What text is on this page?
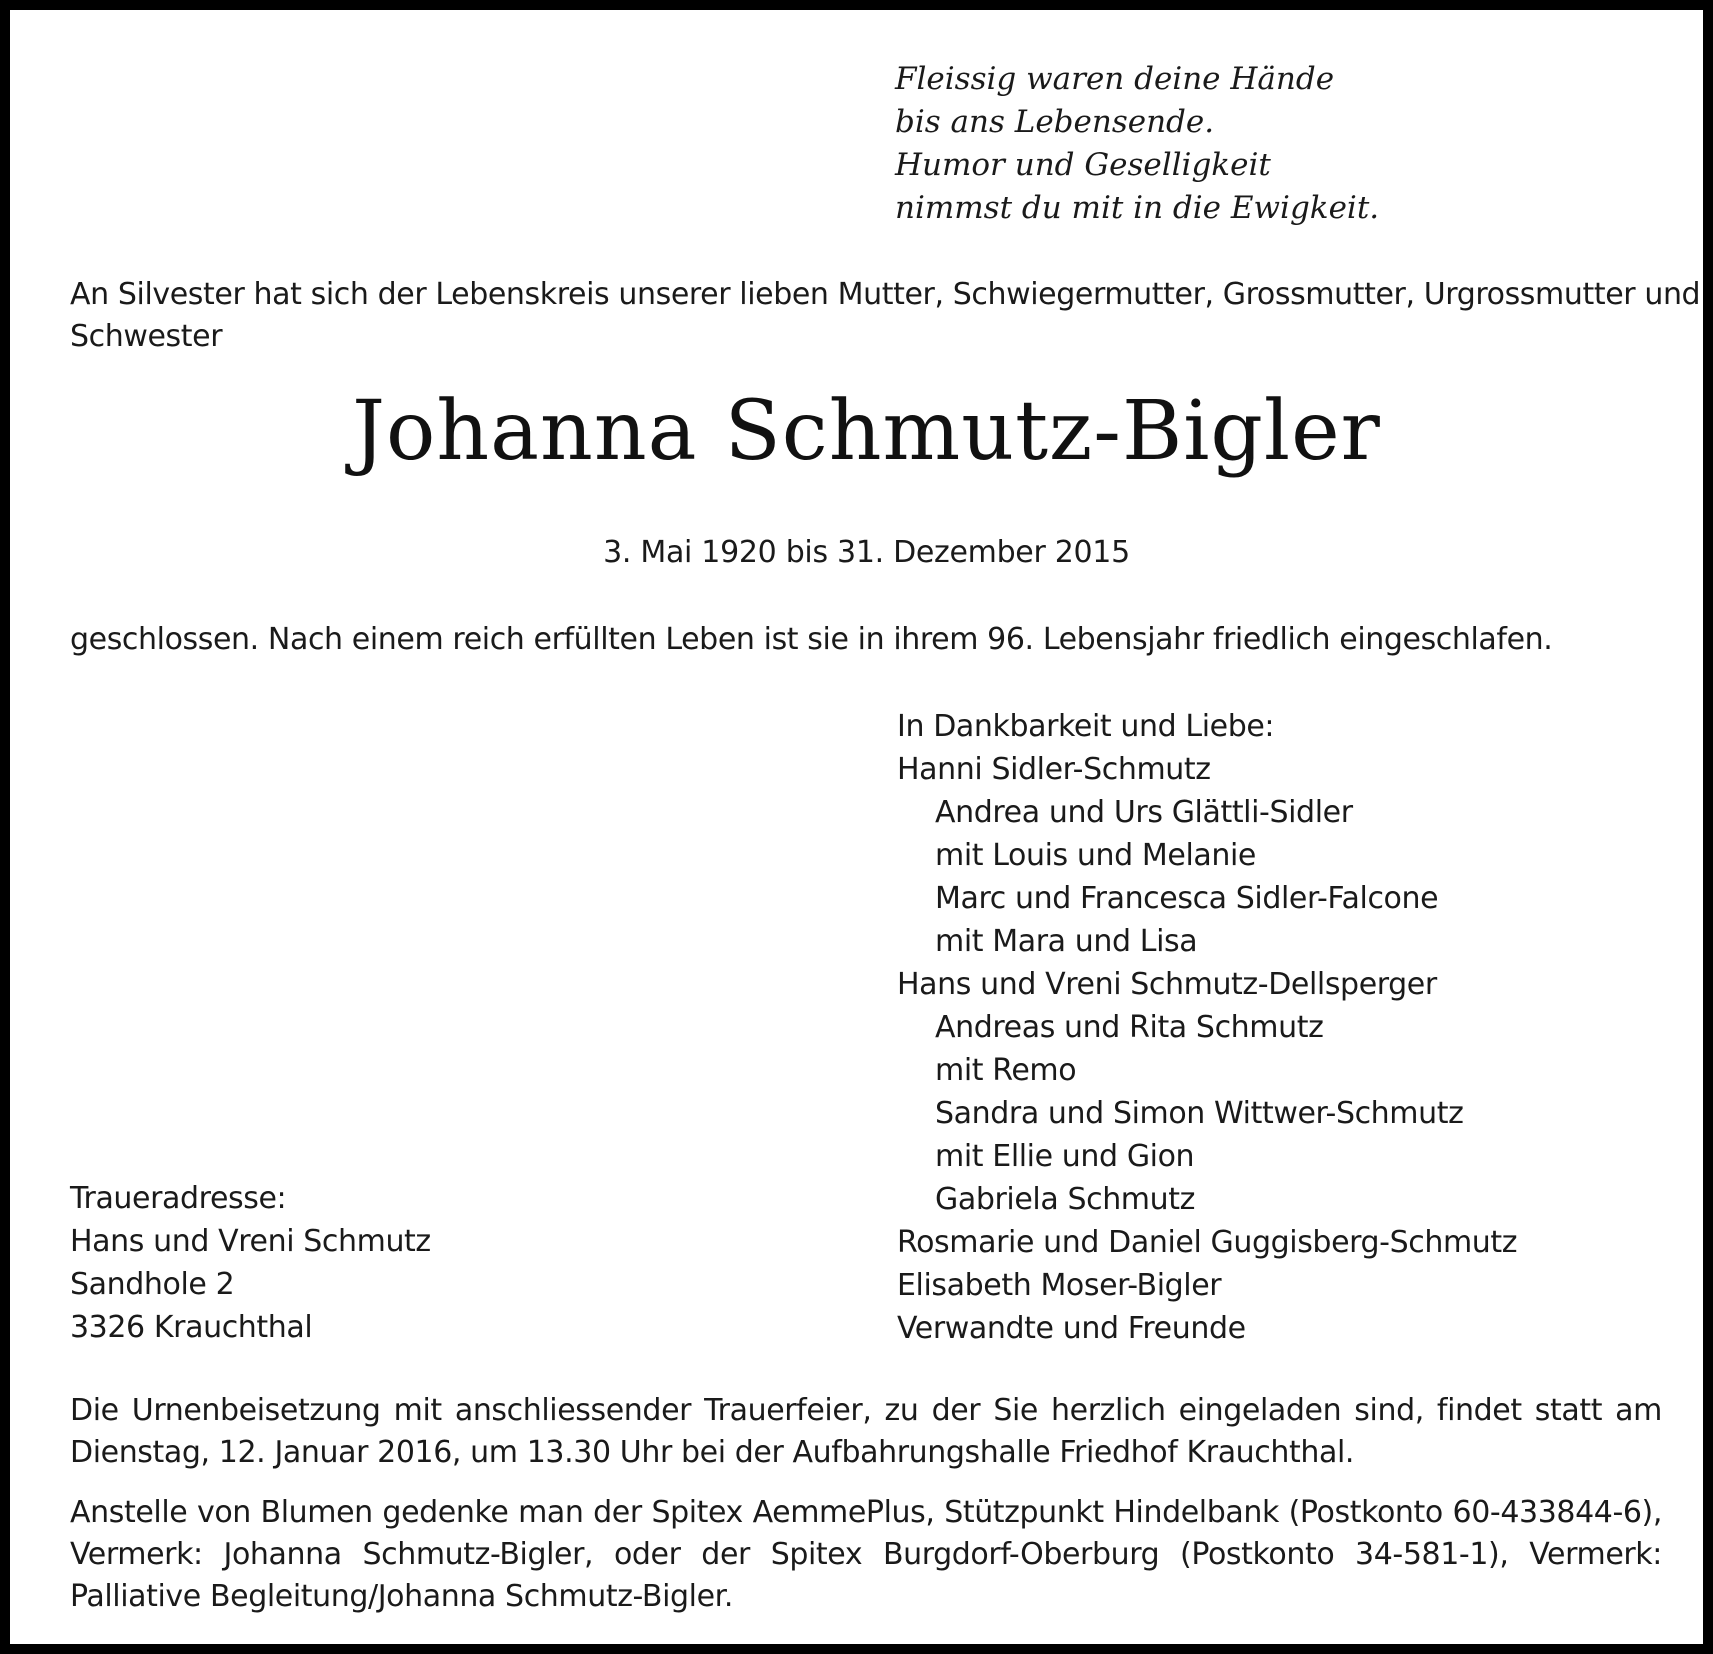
Fleissig waren deine Hände
bis ans Lebensende.
Humor und Geselligkeit
nimmst du mit in die Ewigkeit.
An Silvester hat sich der Lebenskreis unserer lieben Mutter, Schwiegermutter, Grossmutter, Urgrossmutter und
Schwester
Johanna Schmutz-Bigler
3. Mai 1920 bis 31. Dezember 2015
geschlossen. Nach einem reich erfüllten Leben ist sie in ihrem 96. Lebensjahr friedlich eingeschlafen.
In Dankbarkeit und Liebe:
Hanni Sidler-Schmutz
Andrea und Urs Glättli-Sidler
mit Louis und Melanie
Marc und Francesca Sidler-Falcone
mit Mara und Lisa
Hans und Vreni Schmutz-Dellsperger
Andreas und Rita Schmutz
mit Remo
Sandra und Simon Wittwer-Schmutz
mit Ellie und Gion
Gabriela Schmutz
Rosmarie und Daniel Guggisberg-Schmutz
Elisabeth Moser-Bigler
Verwandte und Freunde
Traueradresse:
Hans und Vreni Schmutz
Sandhole 2
3326 Krauchthal
Die Urnenbeisetzung mit anschliessender Trauerfeier, zu der Sie herzlich eingeladen sind, findet statt am Dienstag, 12. Januar 2016, um 13.30 Uhr bei der Aufbahrungshalle Friedhof Krauchthal.
Anstelle von Blumen gedenke man der Spitex AemmePlus, Stützpunkt Hindelbank (Postkonto 60-433844-6), Vermerk: Johanna Schmutz-Bigler, oder der Spitex Burgdorf-Oberburg (Postkonto 34-581-1), Vermerk: Palliative Begleitung/Johanna Schmutz-Bigler.
